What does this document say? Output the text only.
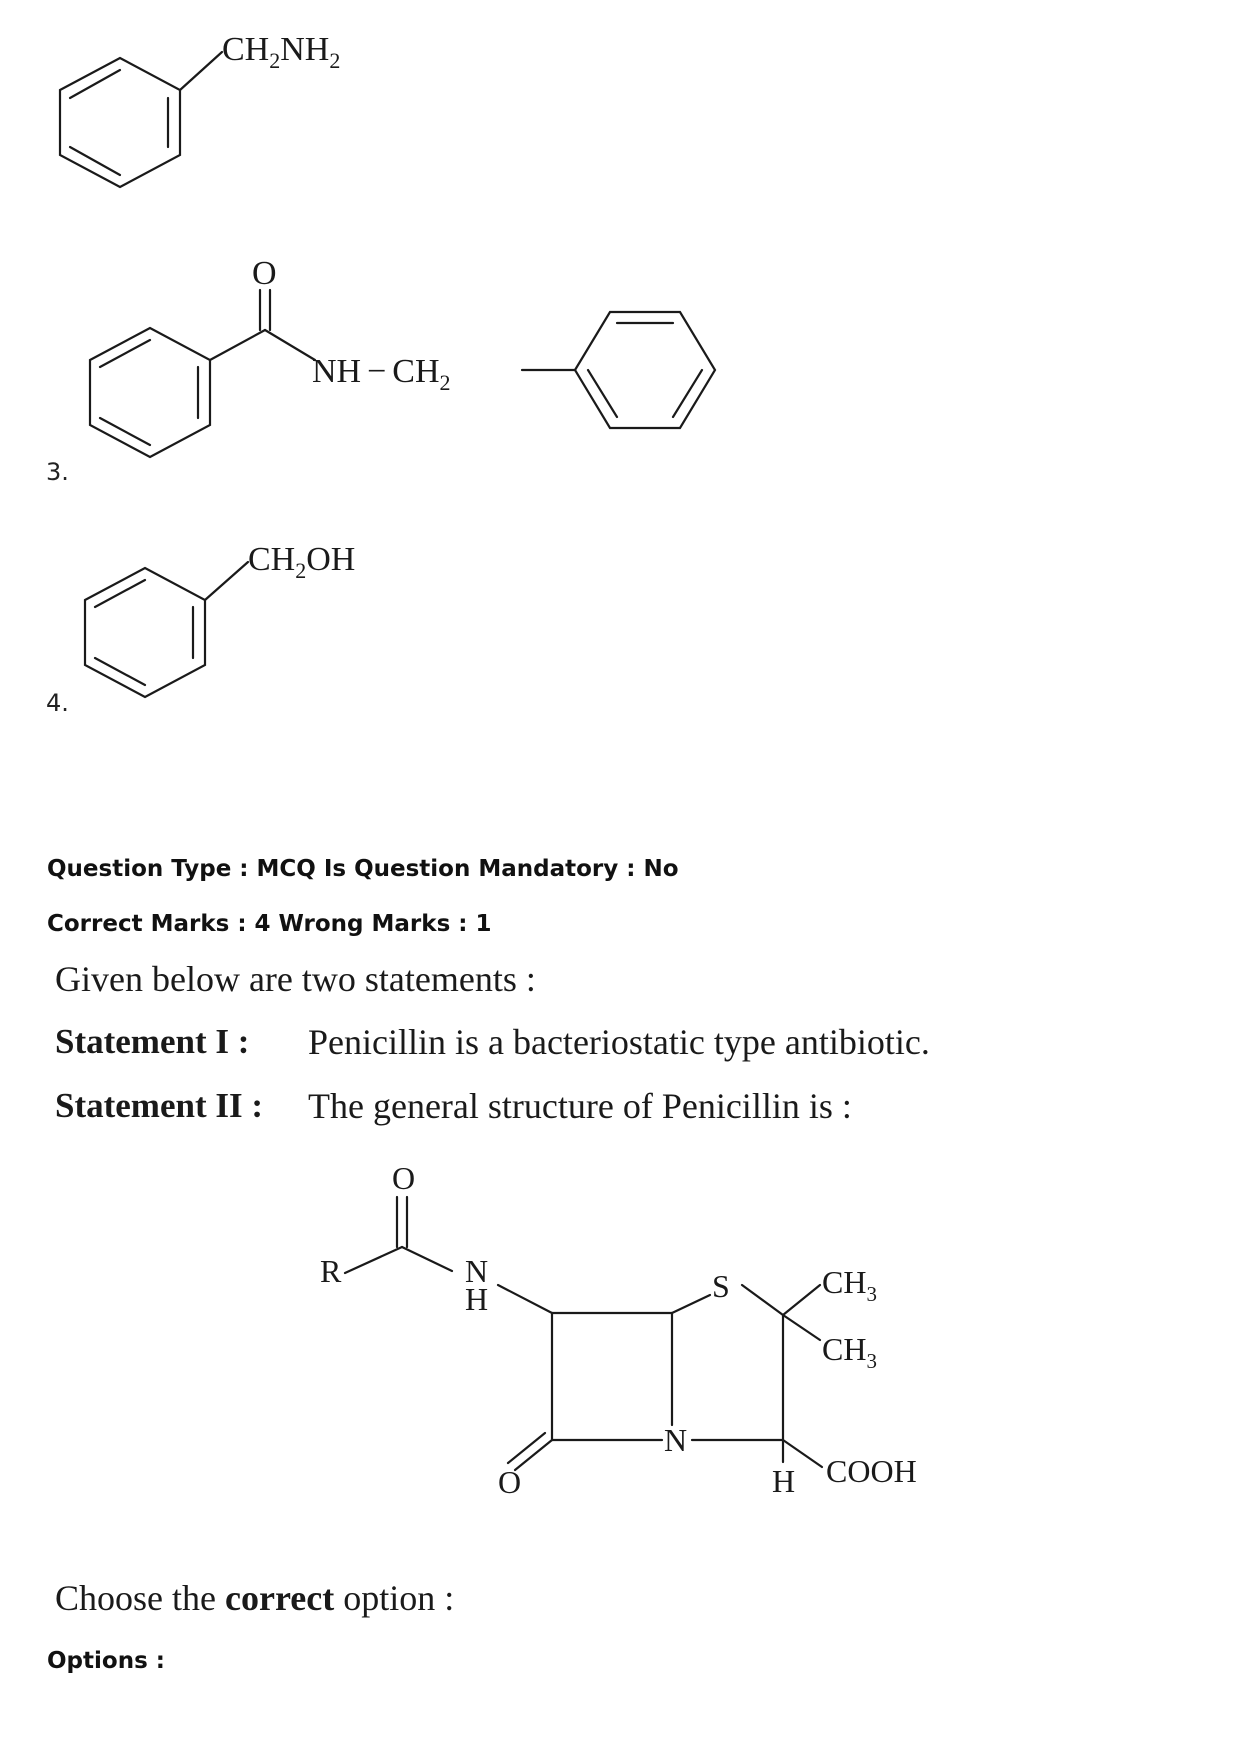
$CH_2NH_2$
O
NH − $CH_2$
3.
$CH_2OH$
4.
Question Type : MCQ Is Question Mandatory : No
Correct Marks : 4 Wrong Marks : 1
Given below are two statements :
Statement I : Penicillin is a bacteriostatic type antibiotic.
Statement II : The general structure of Penicillin is :
O
R	N
H
O
N
S	$CH_3$
$CH_3$
H COOH
Choose the correct option :
Options :
